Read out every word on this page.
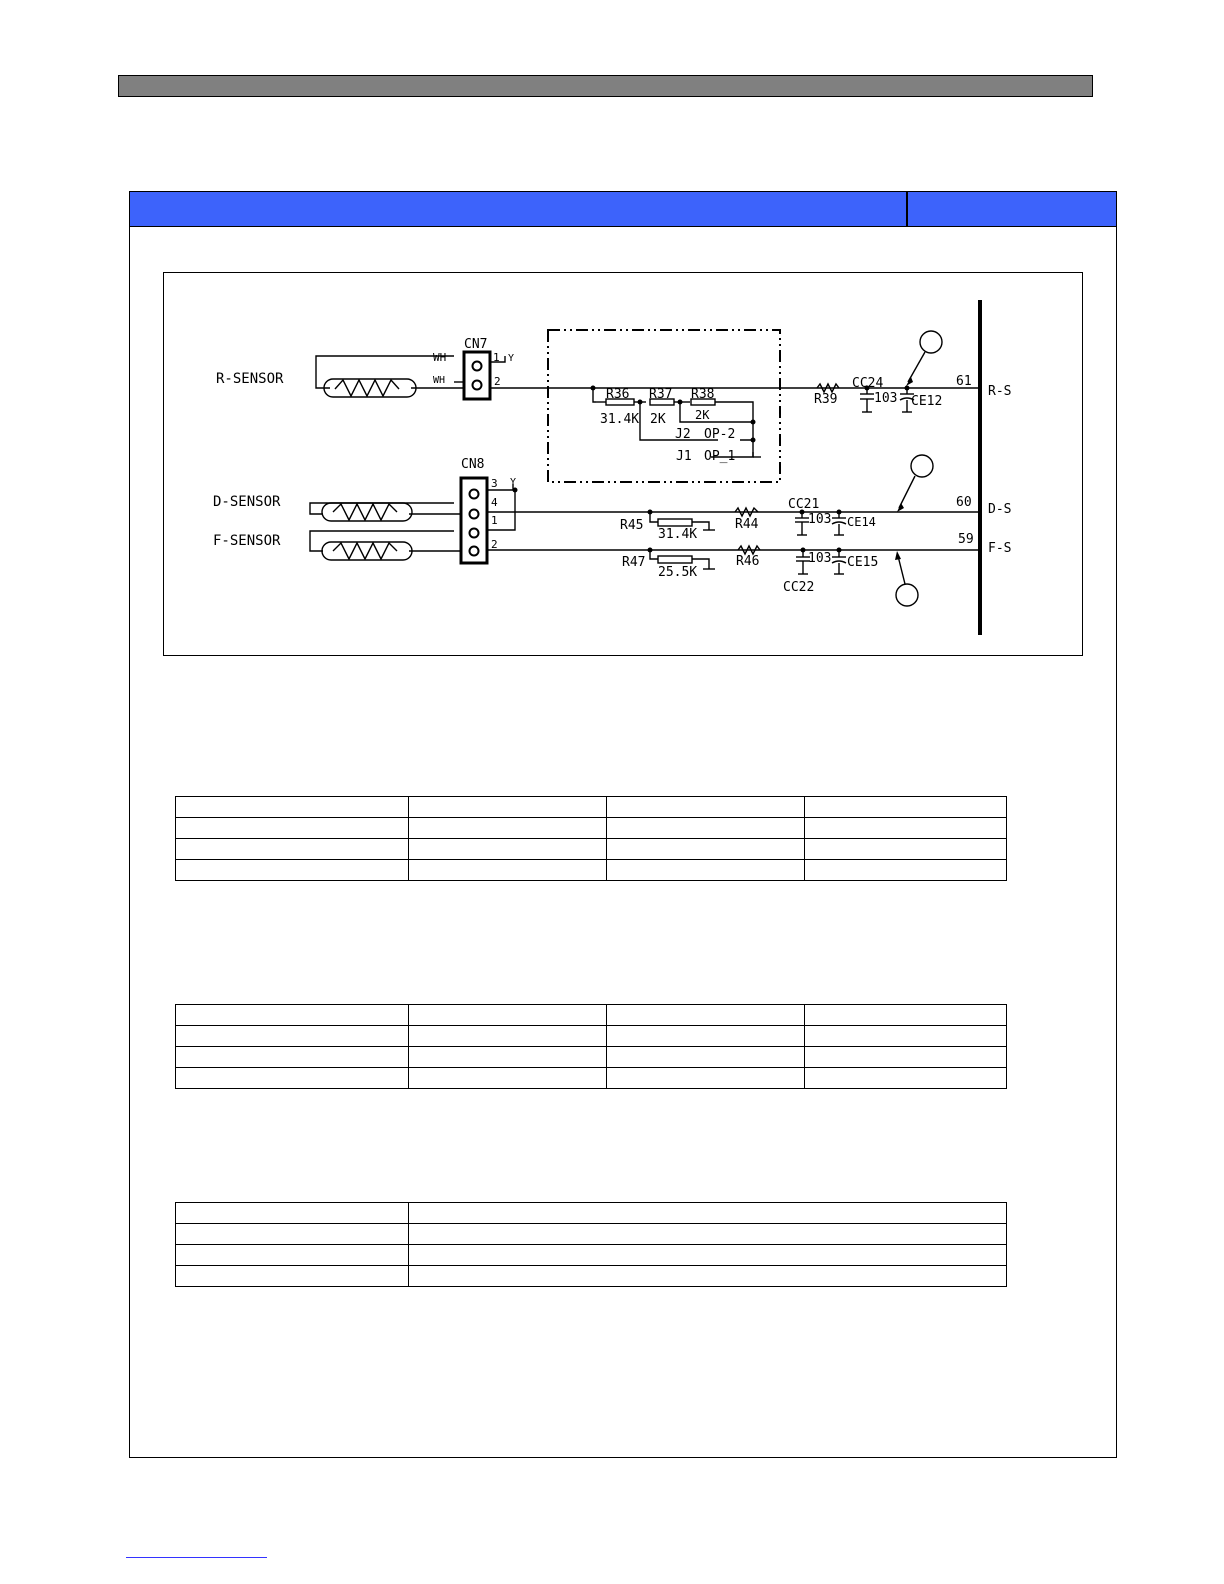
R-SENSOR
D-SENSOR
F-SENSOR
CN7
WH
WH
1
2
Y
CN8
3
4
1
2
Y
R36
31.4K
R37
2K
R38
2K
J2 OP-2
J1 OP_1
R39
CC24
103 CE12
R45
31.4K
R44
CC21
103 CE14
R47
25.5K
R46
CC22
103 CE15
61
60
59
R-S
D-S
F-S
